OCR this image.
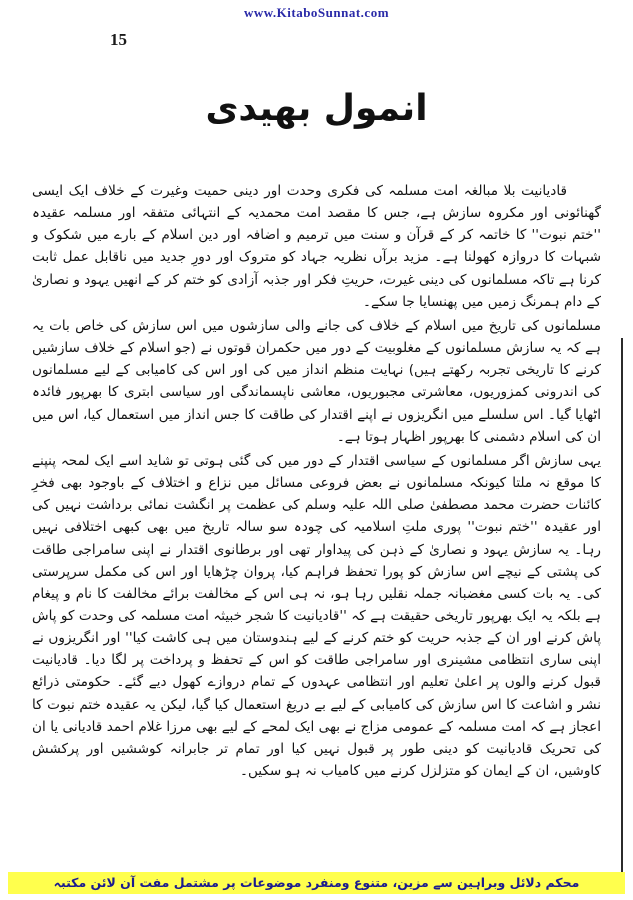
www.KitaboSunnat.com
15
انمول بھیدی

قادیانیت بلا مبالغہ امت مسلمہ کی فکری وحدت اور دینی حمیت وغیرت کے خلاف ایک ایسی گھنائونی اور مکروہ سازش ہے، جس کا مقصد امت محمدیہ کے انتہائی متفقہ اور مسلمہ عقیدہ ''ختم نبوت'' کا خاتمہ کر کے قرآن و سنت میں ترمیم و اضافہ اور دین اسلام کے بارے میں شکوک و شبہات کا دروازہ کھولنا ہے۔ مزید برآں نظریہ جہاد کو متروک اور دورِ جدید میں ناقابل عمل ثابت کرنا ہے تاکہ مسلمانوں کی دینی غیرت، حریتِ فکر اور جذبہ آزادی کو ختم کر کے انھیں یہود و نصاریٰ کے دام ہمرنگ زمیں میں پھنسایا جا سکے۔

مسلمانوں کی تاریخ میں اسلام کے خلاف کی جانے والی سازشوں میں اس سازش کی خاص بات یہ ہے کہ یہ سازش مسلمانوں کے مغلوبیت کے دور میں حکمران قوتوں نے (جو اسلام کے خلاف سازشیں کرنے کا تاریخی تجربہ رکھتے ہیں) نہایت منظم انداز میں کی اور اس کی کامیابی کے لیے مسلمانوں کی اندرونی کمزوریوں، معاشرتی مجبوریوں، معاشی ناپسماندگی اور سیاسی ابتری کا بھرپور فائدہ اٹھایا گیا۔ اس سلسلے میں انگریزوں نے اپنے اقتدار کی طاقت کا جس انداز میں استعمال کیا، اس میں ان کی اسلام دشمنی کا بھرپور اظہار ہوتا ہے۔

یہی سازش اگر مسلمانوں کے سیاسی اقتدار کے دور میں کی گئی ہوتی تو شاید اسے ایک لمحہ پنپنے کا موقع نہ ملتا کیونکہ مسلمانوں نے بعض فروعی مسائل میں نزاع و اختلاف کے باوجود بھی فخرِ کائنات حضرت محمد مصطفیٰ صلی اللہ علیہ وسلم کی عظمت پر انگشت نمائی برداشت نہیں کی اور عقیدہ ''ختم نبوت'' پوری ملتِ اسلامیہ کی چودہ سو سالہ تاریخ میں بھی کبھی اختلافی نہیں رہا۔ یہ سازش یہود و نصاریٰ کے ذہن کی پیداوار تھی اور برطانوی اقتدار نے اپنی سامراجی طاقت کی پشتی کے نیچے اس سازش کو پورا تحفظ فراہم کیا، پروان چڑھایا اور اس کی مکمل سرپرستی کی۔ یہ بات کسی مغضبانہ جملہ نقلیں رہا ہو، نہ ہی اس کے مخالفت برائے مخالفت کا نام و پیغام ہے بلکہ یہ ایک بھرپور تاریخی حقیقت ہے کہ ''قادیانیت کا شجر خبیثہ امت مسلمہ کی وحدت کو پاش پاش کرنے اور ان کے جذبہ حریت کو ختم کرنے کے لیے ہندوستان میں ہی کاشت کیا'' اور انگریزوں نے اپنی ساری انتظامی مشینری اور سامراجی طاقت کو اس کے تحفظ و پرداخت پر لگا دیا۔ قادیانیت قبول کرنے والوں پر اعلیٰ تعلیم اور انتظامی عہدوں کے تمام دروازے کھول دیے گئے۔ حکومتی ذرائع نشر و اشاعت کا اس سازش کی کامیابی کے لیے بے دریغ استعمال کیا گیا، لیکن یہ عقیدہ ختم نبوت کا اعجاز ہے کہ امت مسلمہ کے عمومی مزاج نے بھی ایک لمحے کے لیے بھی مرزا غلام احمد قادیانی یا ان کی تحریک قادیانیت کو دینی طور پر قبول نہیں کیا اور تمام تر جابرانہ کوششیں اور پرکشش کاوشیں، ان کے ایمان کو متزلزل کرنے میں کامیاب نہ ہو سکیں۔

محکم دلائل وبراہین سے مزین، متنوع ومنفرد موضوعات پر مشتمل مفت آن لائن مکتبہ
